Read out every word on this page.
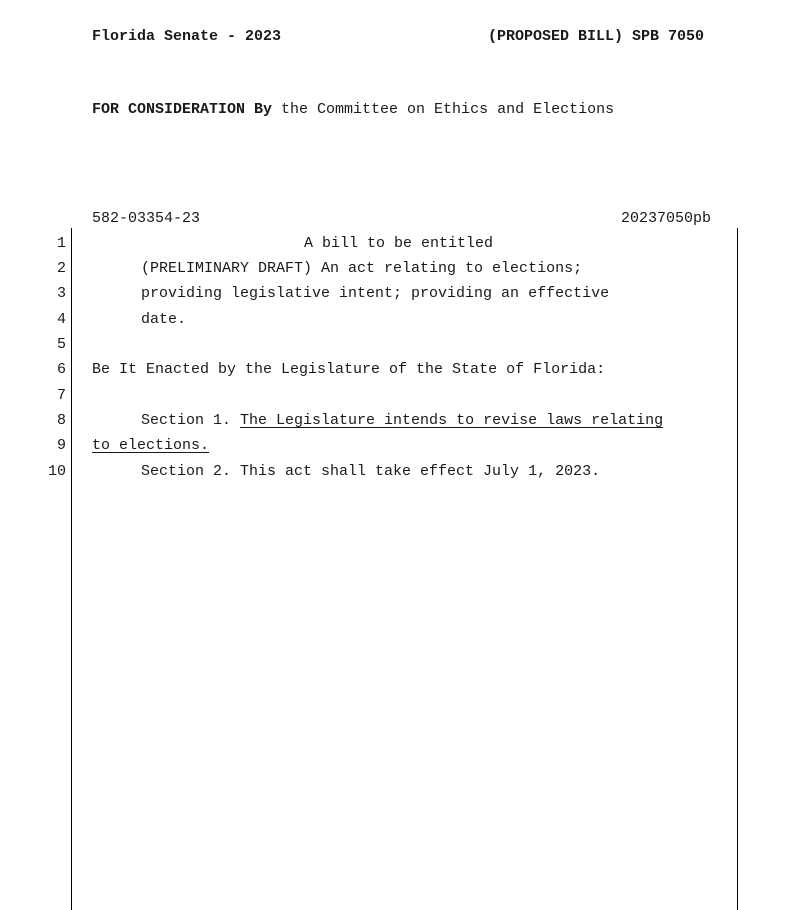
Florida Senate - 2023	(PROPOSED BILL) SPB 7050
FOR CONSIDERATION By the Committee on Ethics and Elections
582-03354-23	20237050pb
1
2
3
4
5
6
7
8
9
10
A bill to be entitled
(PRELIMINARY DRAFT) An act relating to elections;
providing legislative intent; providing an effective
date.
Be It Enacted by the Legislature of the State of Florida:
Section 1. The Legislature intends to revise laws relating
to elections.
Section 2. This act shall take effect July 1, 2023.
